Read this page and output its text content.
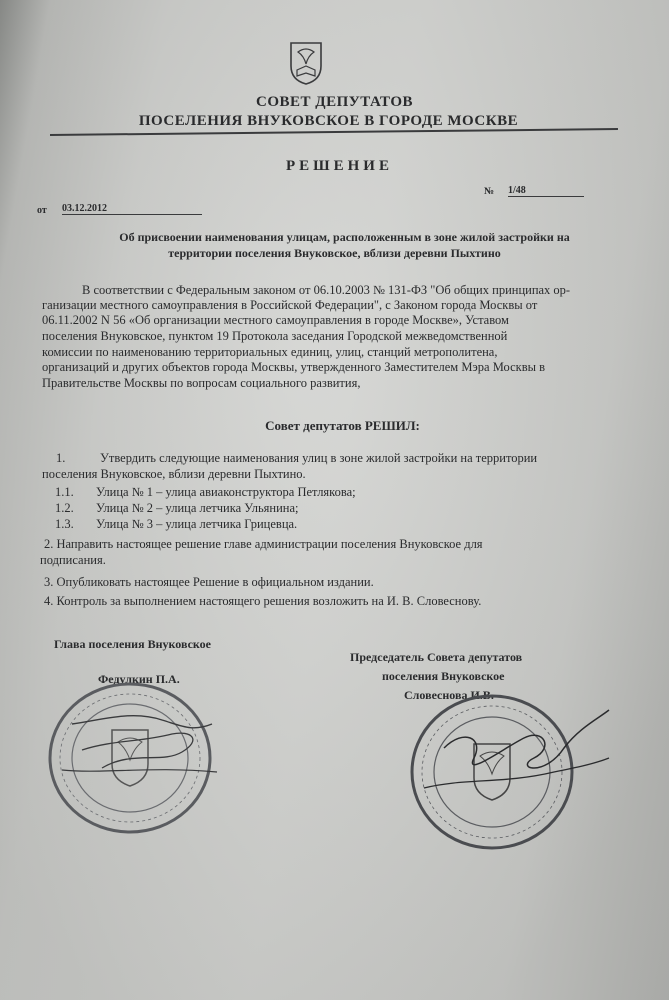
СОВЕТ ДЕПУТАТОВ
ПОСЕЛЕНИЯ ВНУКОВСКОЕ В ГОРОДЕ МОСКВЕ
РЕШЕНИЕ
№ 1/48
от 03.12.2012
Об присвоении наименования улицам, расположенным в зоне жилой застройки на
территории поселения Внуковское, вблизи деревни Пыхтино
В соответствии с Федеральным законом от 06.10.2003 № 131-ФЗ "Об общих принципах ор-
ганизации местного самоуправления в Российской Федерации", с Законом города Москвы от
06.11.2002 N 56 «Об организации местного самоуправления в городе Москве», Уставом
поселения Внуковское, пунктом 19 Протокола заседания Городской межведомственной
комиссии по наименованию территориальных единиц, улиц, станций метрополитена,
организаций и других объектов города Москвы, утвержденного Заместителем Мэра Москвы в
Правительстве Москвы по вопросам социального развития,
Совет депутатов РЕШИЛ:
1.	Утвердить следующие наименования улиц в зоне жилой застройки на территории
поселения Внуковское, вблизи деревни Пыхтино.
1.1. Улица № 1 – улица авиаконструктора Петлякова;
1.2. Улица № 2 – улица летчика Ульянина;
1.3. Улица № 3 – улица летчика Грицевца.
2. Направить настоящее решение главе администрации поселения Внуковское для
подписания.
3. Опубликовать настоящее Решение в официальном издании.
4. Контроль за выполнением настоящего решения возложить на И. В. Словеснову.
Глава поселения Внуковское
Федулкин П.А.
Председатель Совета депутатов
поселения Внуковское
Словеснова И.В.
